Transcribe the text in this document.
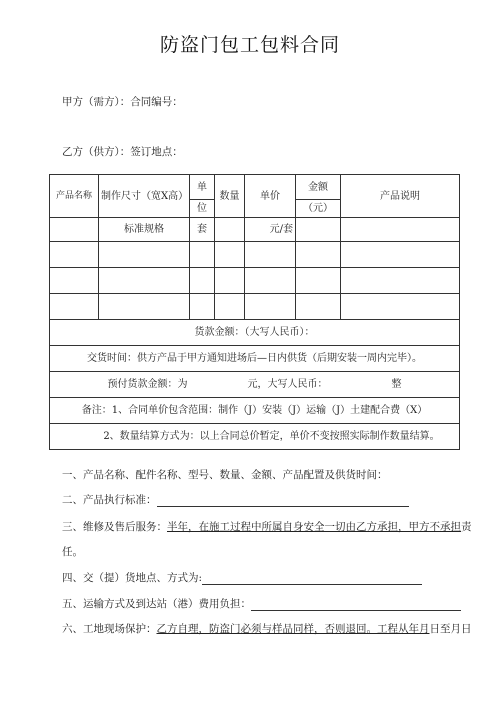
防盗门包工包料合同
甲方（需方）：合同编号：
乙方（供方）：签订地点：
产品名称	制作尺寸（宽X高）	单	数量	单价	金额	产品说明
		位			（元）	
	标准规格	套		元/套		

货款金额：（大写人民币）：						
交货时间：供方产品于甲方通知进场后—日内供货（后期安装一周内完毕）。						
预付货款金额：为 元，大写人民币： 整						
备注：1、合同单价包含范围：制作（J）安装（J）运输（J）土建配合费（X）						
2、数量结算方式为：以上合同总价暂定，单价不变按照实际制作数量结算。						
一、产品名称、配件名称、型号、数量、金额、产品配置及供货时间：
二、产品执行标准：
三、维修及售后服务：半年，在施工过程中所属自身安全一切由乙方承担，甲方不承担责
任。
四、交（提）货地点、方式为:
五、运输方式及到达站（港）费用负担：
六、工地现场保护：乙方自理，防盗门必须与样品同样，否则退回。工程从年月日至月日
